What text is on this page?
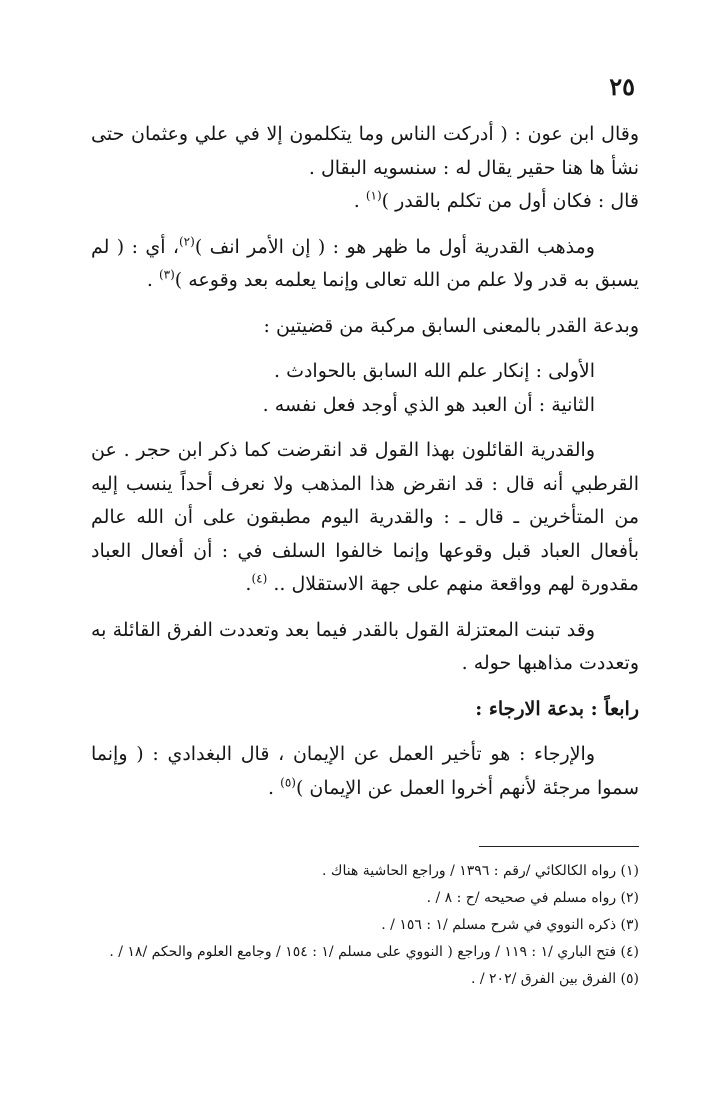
٢٥

وقال ابن عون : ( أدركت الناس وما يتكلمون إلا في علي وعثمان حتى نشأ ها هنا حقير يقال له : سنسويه البقال .

قال : فكان أول من تكلم بالقدر )$^{(١)}$ .

ومذهب القدرية أول ما ظهر هو : ( إن الأمر انف )$^{(٢)}$، أي : ( لم يسبق به قدر ولا علم من الله تعالى وإنما يعلمه بعد وقوعه )$^{(٣)}$ .

وبدعة القدر بالمعنى السابق مركبة من قضيتين :

الأولى : إنكار علم الله السابق بالحوادث .

الثانية : أن العبد هو الذي أوجد فعل نفسه .

والقدرية القائلون بهذا القول قد انقرضت كما ذكر ابن حجر . عن القرطبي أنه قال : قد انقرض هذا المذهب ولا نعرف أحداً ينسب إليه من المتأخرين ـ قال ـ : والقدرية اليوم مطبقون على أن الله عالم بأفعال العباد قبل وقوعها وإنما خالفوا السلف في : أن أفعال العباد مقدورة لهم وواقعة منهم على جهة الاستقلال .. $^{(٤)}$.

وقد تبنت المعتزلة القول بالقدر فيما بعد وتعددت الفرق القائلة به وتعددت مذاهبها حوله .

رابعاً : بدعة الارجاء :

والإرجاء : هو تأخير العمل عن الإيمان ، قال البغدادي : ( وإنما سموا مرجئة لأنهم أخروا العمل عن الإيمان )$^{(٥)}$ .

(١) رواه الكالكائي /رقم : ١٣٩٦ / وراجع الحاشية هناك .

(٢) رواه مسلم في صحيحه /ح : ٨ / .

(٣) ذكره النووي في شرح مسلم /١ : ١٥٦ / .

(٤) فتح الباري /١ : ١١٩ / وراجع ( النووي على مسلم /١ : ١٥٤ / وجامع العلوم والحكم /١٨ / .

(٥) الفرق بين الفرق /٢٠٢ / .
